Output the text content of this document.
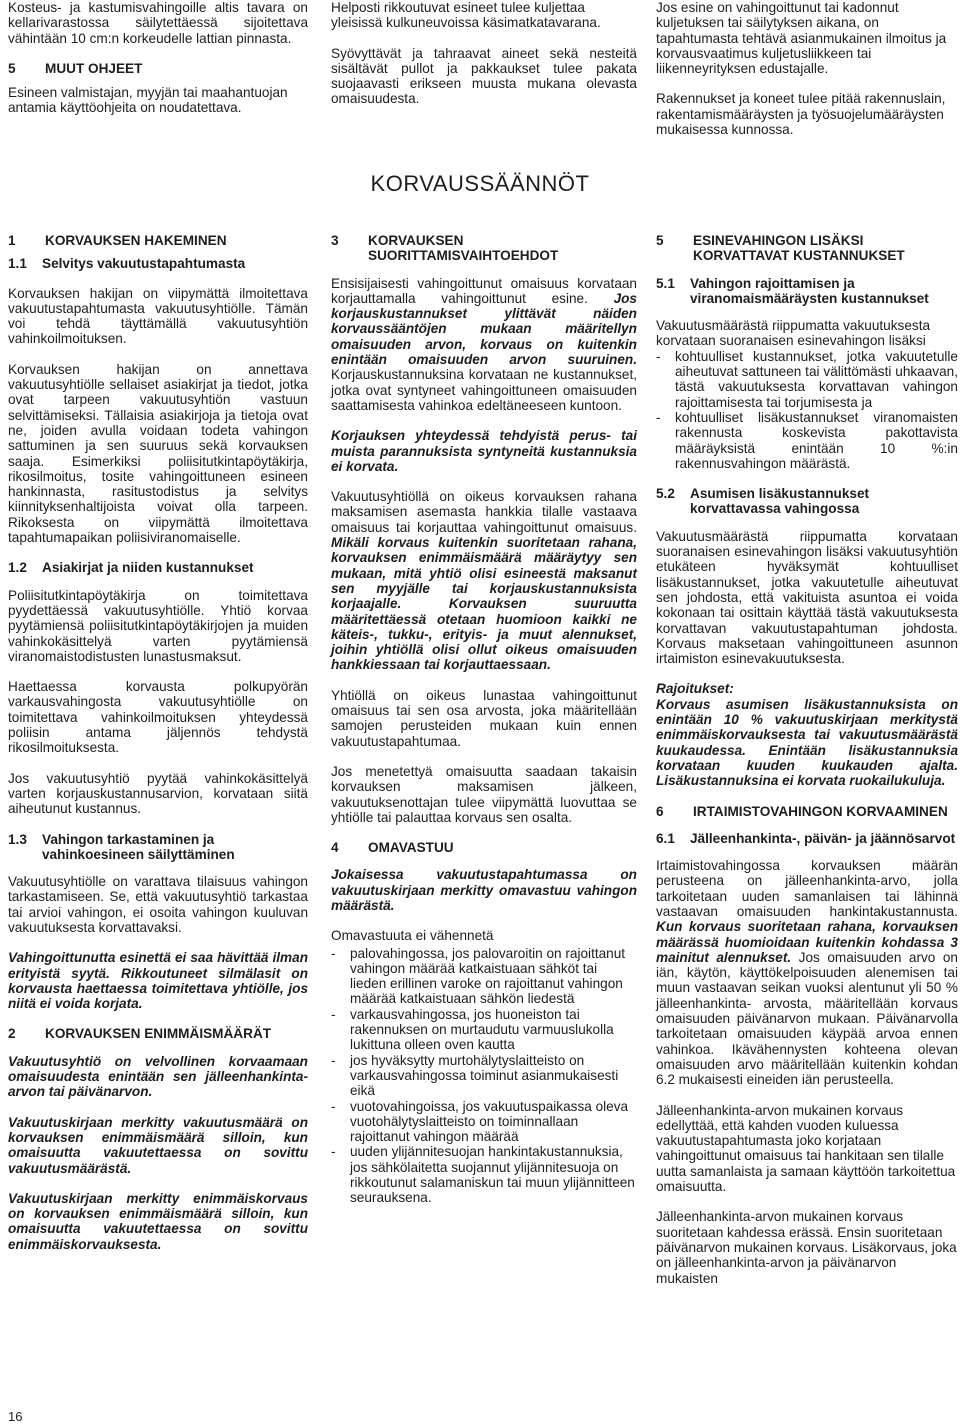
Kosteus- ja kastumisvahingoille altis tavara on kellarivarastossa säilytettäessä sijoitettava vähintään 10 cm:n korkeudelle lattian pinnasta.

5	MUUT OHJEET

Esineen valmistajan, myyjän tai maahantuojan antamia käyttöohjeita on noudatettava.

Helposti rikkoutuvat esineet tulee kuljettaa yleisissä kulkuneuvoissa käsimatkatavarana.

Syövyttävät ja tahraavat aineet sekä nesteitä sisältävät pullot ja pakkaukset tulee pakata suojaavasti erikseen muusta mukana olevasta omaisuudesta.

Jos esine on vahingoittunut tai kadonnut kuljetuksen tai säilytyksen aikana, on tapahtumasta tehtävä asianmukainen ilmoitus ja korvausvaatimus kuljetusliikkeen tai liikenneyrityksen edustajalle.

Rakennukset ja koneet tulee pitää rakennuslain, rakentamismääräysten ja työsuojelumääräysten mukaisessa kunnossa.

KORVAUSSÄÄNNÖT
1	KORVAUKSEN HAKEMINEN
1.1	Selvitys vakuutustapahtumasta

Korvauksen hakijan on viipymättä ilmoitettava vakuutustapahtumasta vakuutusyhtiölle. Tämän voi tehdä täyttämällä vakuutusyhtiön vahinkoilmoituksen.

Korvauksen hakijan on annettava vakuutusyhtiölle sellaiset asiakirjat ja tiedot, jotka ovat tarpeen vakuutusyhtiön vastuun selvittämiseksi. Tällaisia asiakirjoja ja tietoja ovat ne, joiden avulla voidaan todeta vahingon sattuminen ja sen suuruus sekä korvauksen saaja. Esimerkiksi poliisitutkintapöytäkirja, rikosilmoitus, tosite vahingoittuneen esineen hankinnasta, rasitustodistus ja selvitys kiinnityksenhaltijoista voivat olla tarpeen. Rikoksesta on viipymättä ilmoitettava tapahtumapaikan poliisiviranomaiselle.

1.2	Asiakirjat ja niiden kustannukset

Poliisitutkintapöytäkirja on toimitettava pyydettäessä vakuutusyhtiölle. Yhtiö korvaa pyytämiensä poliisitutkintapöytäkirjojen ja muiden vahinkokäsittelyä varten pyytämiensä viranomaistodistusten lunastusmaksut.

Haettaessa korvausta polkupyörän varkausvahingosta vakuutusyhtiölle on toimitettava vahinkoilmoituksen yhteydessä poliisin antama jäljennös tehdystä rikosilmoituksesta.

Jos vakuutusyhtiö pyytää vahinkokäsittelyä varten korjauskustannusarvion, korvataan siitä aiheutunut kustannus.

1.3	Vahingon tarkastaminen ja vahinkoesineen säilyttäminen

Vakuutusyhtiölle on varattava tilaisuus vahingon tarkastamiseen. Se, että vakuutusyhtiö tarkastaa tai arvioi vahingon, ei osoita vahingon kuuluvan vakuutuksesta korvattavaksi.

Vahingoittunutta esinettä ei saa hävittää ilman erityistä syytä. Rikkoutuneet silmälasit on korvausta haettaessa toimitettava yhtiölle, jos niitä ei voida korjata.

2	KORVAUKSEN ENIMMÄISMÄÄRÄT

Vakuutusyhtiö on velvollinen korvaamaan omaisuudesta enintään sen jälleenhankinta-arvon tai päivänarvon.

Vakuutuskirjaan merkitty vakuutusmäärä on korvauksen enimmäismäärä silloin, kun omaisuutta vakuutettaessa on sovittu vakuutusmäärästä.

Vakuutuskirjaan merkitty enimmäiskorvaus on korvauksen enimmäismäärä silloin, kun omaisuutta vakuutettaessa on sovittu enimmäiskorvauksesta.

3	KORVAUKSEN SUORITTAMISVAIHTOEHDOT

Ensisijaisesti vahingoittunut omaisuus korvataan korjauttamalla vahingoittunut esine. Jos korjauskustannukset ylittävät näiden korvaussääntöjen mukaan määritellyn omaisuuden arvon, korvaus on kuitenkin enintään omaisuuden arvon suuruinen. Korjauskustannuksina korvataan ne kustannukset, jotka ovat syntyneet vahingoittuneen omaisuuden saattamisesta vahinkoa edeltäneeseen kuntoon.

Korjauksen yhteydessä tehdyistä perus- tai muista parannuksista syntyneitä kustannuksia ei korvata.

Vakuutusyhtiöllä on oikeus korvauksen rahana maksamisen asemasta hankkia tilalle vastaava omaisuus tai korjauttaa vahingoittunut omaisuus. Mikäli korvaus kuitenkin suoritetaan rahana, korvauksen enimmäismäärä määräytyy sen mukaan, mitä yhtiö olisi esineestä maksanut sen myyjälle tai korjauskustannuksista korjaajalle. Korvauksen suuruutta määritettäessä otetaan huomioon kaikki ne käteis-, tukku-, erityis- ja muut alennukset, joihin yhtiöllä olisi ollut oikeus omaisuuden hankkiessaan tai korjauttaessaan.

Yhtiöllä on oikeus lunastaa vahingoittunut omaisuus tai sen osa arvosta, joka määritellään samojen perusteiden mukaan kuin ennen vakuutustapahtumaa.

Jos menetettyä omaisuutta saadaan takaisin korvauksen maksamisen jälkeen, vakuutuksenottajan tulee viipymättä luovuttaa se yhtiölle tai palauttaa korvaus sen osalta.

4	OMAVASTUU

Jokaisessa vakuutustapahtumassa on vakuutuskirjaan merkitty omavastuu vahingon määrästä.

Omavastuuta ei vähennetä

-	palovahingossa, jos palovaroitin on rajoittanut vahingon määrää katkaistuaan sähköt tai lieden erillinen varoke on rajoittanut vahingon määrää katkaistuaan sähkön liedestä
-	varkausvahingossa, jos huoneiston tai rakennuksen on murtaudutu varmuuslukolla lukittuna olleen oven kautta
-	jos hyväksytty murtohälytyslaitteisto on varkausvahingossa toiminut asianmukaisesti eikä
-	vuotovahingoissa, jos vakuutuspaikassa oleva vuotohälytyslaitteisto on toiminnallaan rajoittanut vahingon määrää
-	uuden ylijännitesuojan hankintakustannuksia, jos sähkölaitetta suojannut ylijännitesuoja on rikkoutunut salamaniskun tai muun ylijännitteen seurauksena.
5	ESINEVAHINGON LISÄKSI KORVATTAVAT KUSTANNUKSET
5.1	Vahingon rajoittamisen ja viranomaismääräysten kustannukset

Vakuutusmäärästä riippumatta vakuutuksesta korvataan suoranaisen esinevahingon lisäksi

-	kohtuulliset kustannukset, jotka vakuutetulle aiheutuvat sattuneen tai välittömästi uhkaavan, tästä vakuutuksesta korvattavan vahingon rajoittamisesta tai torjumisesta ja
-	kohtuulliset lisäkustannukset viranomaisten rakennusta koskevista pakottavista määräyksistä enintään 10 %:in rakennusvahingon määrästä.
5.2	Asumisen lisäkustannukset korvattavassa vahingossa

Vakuutusmäärästä riippumatta korvataan suoranaisen esinevahingon lisäksi vakuutusyhtiön etukäteen hyväksymät kohtuulliset lisäkustannukset, jotka vakuutetulle aiheutuvat sen johdosta, että vakituista asuntoa ei voida kokonaan tai osittain käyttää tästä vakuutuksesta korvattavan vakuutustapahtuman johdosta. Korvaus maksetaan vahingoittuneen asunnon irtaimiston esinevakuutuksesta.

Rajoitukset:

Korvaus asumisen lisäkustannuksista on enintään 10 % vakuutuskirjaan merkitystä enimmäiskorvauksesta tai vakuutusmäärästä kuukaudessa. Enintään lisäkustannuksia korvataan kuuden kuukauden ajalta. Lisäkustannuksina ei korvata ruokailukuluja.

6	IRTAIMISTOVAHINGON KORVAAMINEN
6.1	Jälleenhankinta-, päivän- ja jäännösarvot

Irtaimistovahingossa korvauksen määrän perusteena on jälleenhankinta-arvo, jolla tarkoitetaan uuden samanlaisen tai lähinnä vastaavan omaisuuden hankintakustannusta. Kun korvaus suoritetaan rahana, korvauksen määrässä huomioidaan kuitenkin kohdassa 3 mainitut alennukset. Jos omaisuuden arvo on iän, käytön, käyttökelpoisuuden alenemisen tai muun vastaavan seikan vuoksi alentunut yli 50 % jälleenhankinta- arvosta, määritellään korvaus omaisuuden päivänarvon mukaan. Päivänarvolla tarkoitetaan omaisuuden käypää arvoa ennen vahinkoa. Ikävähennysten kohteena olevan omaisuuden arvo määritellään kuitenkin kohdan 6.2 mukaisesti eineiden iän perusteella.

Jälleenhankinta-arvon mukainen korvaus edellyttää, että kahden vuoden kuluessa vakuutustapahtumasta joko korjataan vahingoittunut omaisuus tai hankitaan sen tilalle uutta samanlaista ja samaan käyttöön tarkoitettua omaisuutta.

Jälleenhankinta-arvon mukainen korvaus suoritetaan kahdessa erässä. Ensin suoritetaan päivänarvon mukainen korvaus. Lisäkorvaus, joka on jälleenhankinta-arvon ja päivänarvon mukaisten

16
